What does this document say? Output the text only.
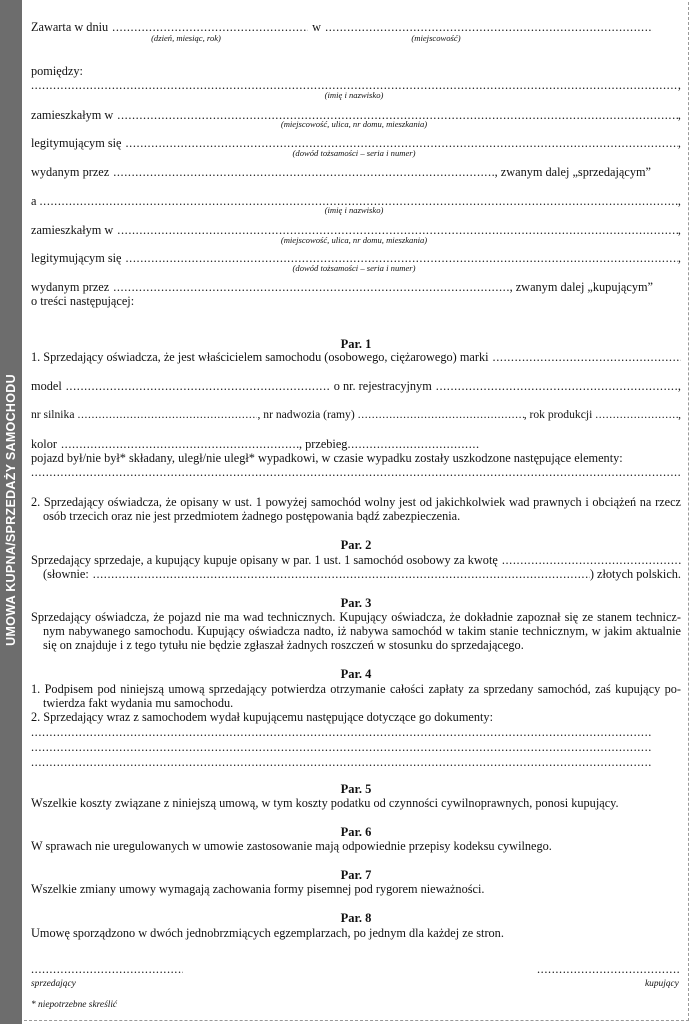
UMOWA KUPNA/SPRZEDAŻY SAMOCHODU
Zawarta w dniu .....	w
.....
(dzień, miesiąc, rok)	(miejscowość)
pomiędzy:
.....
,
(imię i nazwisko)
zamieszkałym w .....	,
(miejscowość, ulica, nr domu, mieszkania)
legitymującym się .....	,
(dowód tożsamości – seria i numer)
wydanym przez .....	, zwanym dalej „sprzedającym”
a .....	,
(imię i nazwisko)
zamieszkałym w .....	,
(miejscowość, ulica, nr domu, mieszkania)
legitymującym się .....	,
(dowód tożsamości – seria i numer)
wydanym przez .....	, zwanym dalej „kupującym”
o treści następującej:
Par. 1
1. Sprzedający oświadcza, że jest właścicielem samochodu (osobowego, ciężarowego) marki
.....
model .....	o nr. rejestracyjnym .....	,
nr silnika .....	, nr nadwozia (ramy) .....	, rok produkcji .....	,
kolor .....	, przebieg
.....
pojazd był/nie był* składany, uległ/nie uległ* wypadkowi, w czasie wypadku zostały uszkodzone następujące elementy:
.....
2. Sprzedający oświadcza, że opisany w ust. 1 powyżej samochód wolny jest od jakichkolwiek wad prawnych i obciążeń na rzecz
osób trzecich oraz nie jest przedmiotem żadnego postępowania bądź zabezpieczenia.
Par. 2
Sprzedający sprzedaje, a kupujący kupuje opisany w par. 1 ust. 1 samochód osobowy za kwotę
.....
(słownie: .....	) złotych polskich.
Par. 3
Sprzedający oświadcza, że pojazd nie ma wad technicznych. Kupujący oświadcza, że dokładnie zapoznał się ze stanem technicz-
nym nabywanego samochodu. Kupujący oświadcza nadto, iż nabywa samochód w takim stanie technicznym, w jakim aktualnie
się on znajduje i z tego tytułu nie będzie zgłaszał żadnych roszczeń w stosunku do sprzedającego.
Par. 4
1. Podpisem pod niniejszą umową sprzedający potwierdza otrzymanie całości zapłaty za sprzedany samochód, zaś kupujący po-
twierdza fakt wydania mu samochodu.
2. Sprzedający wraz z samochodem wydał kupującemu następujące dotyczące go dokumenty:
.....
.....
.....
Par. 5
Wszelkie koszty związane z niniejszą umową, w tym koszty podatku od czynności cywilnoprawnych, ponosi kupujący.
Par. 6
W sprawach nie uregulowanych w umowie zastosowanie mają odpowiednie przepisy kodeksu cywilnego.
Par. 7
Wszelkie zmiany umowy wymagają zachowania formy pisemnej pod rygorem nieważności.
Par. 8
Umowę sporządzono w dwóch jednobrzmiących egzemplarzach, po jednym dla każdej ze stron.
.....
.....
sprzedający	kupujący
* niepotrzebne skreślić
